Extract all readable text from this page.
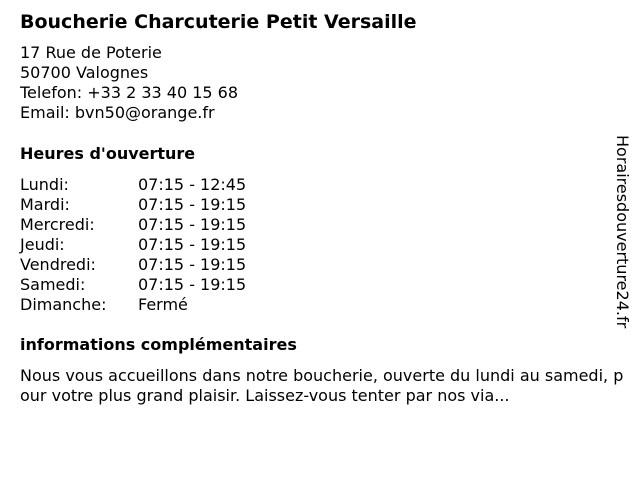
Boucherie Charcuterie Petit Versaille
17 Rue de Poterie
50700 Valognes
Telefon: +33 2 33 40 15 68
Email: bvn50@orange.fr
Heures d'ouverture
Lundi:	07:15 - 12:45
Mardi:	07:15 - 19:15
Mercredi:	07:15 - 19:15
Jeudi:	07:15 - 19:15
Vendredi:	07:15 - 19:15
Samedi:	07:15 - 19:15
Dimanche:	Fermé
informations complémentaires
Nous vous accueillons dans notre boucherie, ouverte du lundi au samedi, pour votre plus grand plaisir. Laissez-vous tenter par nos via...
Horairesdouverture24.fr
